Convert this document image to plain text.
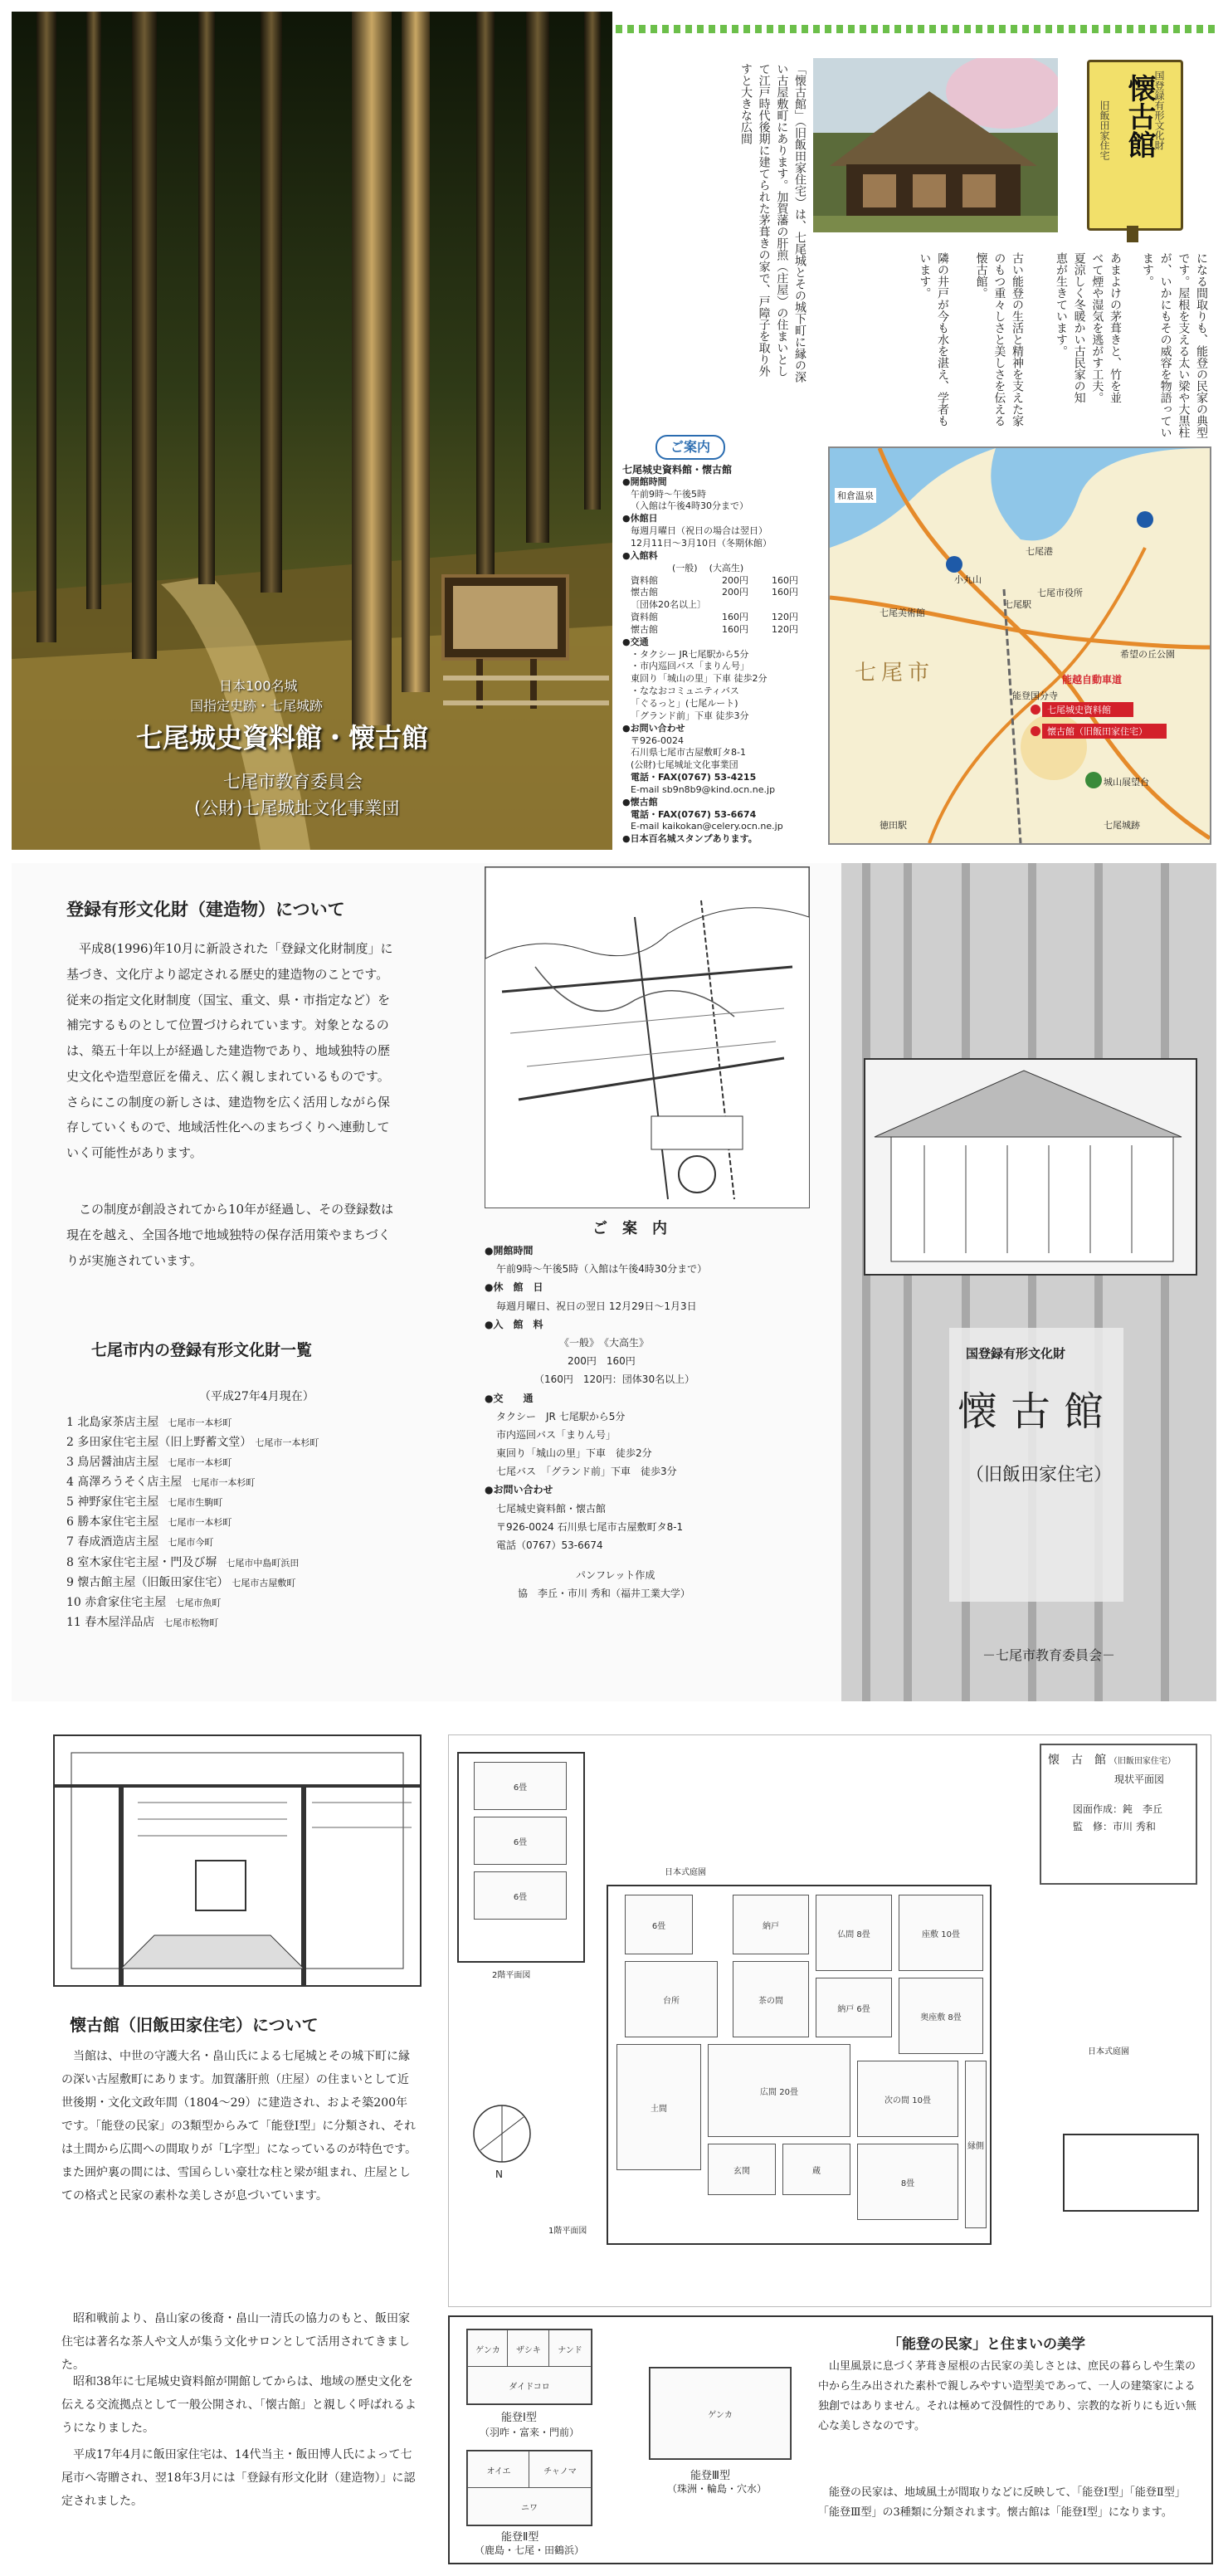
日本100名城
国指定史跡・七尾城跡
七尾城史資料館・懐古館
七尾市教育委員会
(公財)七尾城址文化事業団
国登録有形文化財
懐古館
旧飯田家住宅
「懐古館」（旧飯田家住宅）は、七尾城とその城下町に縁の深い古屋敷町にあります。加賀藩の肝煎（庄屋）の住まいとして江戸時代後期に建てられた茅葺きの家で、戸障子を取り外すと大きな広間
になる間取りも、能登の民家の典型です。屋根を支える太い梁や大黒柱が、いかにもその威容を物語っています。
あまよけの茅葺きと、竹を並べて煙や湿気を逃がす工夫。夏涼しく冬暖かい古民家の知恵が生きています。
古い能登の生活と精神を支えた家のもつ重々しさと美しさを伝える懐古館。
隣の井戸が今も水を湛え、学者もいます。
ご案内
七尾城史資料館・懐古館
●開館時間
午前9時～午後5時
（入館は午後4時30分まで）
●休館日
毎週月曜日（祝日の場合は翌日）
12月11日～3月10日（冬期休館）
●入館料
(一般) (大高生)
資料館	200円	160円
懐古館	200円	160円
〔団体20名以上〕
資料館	160円	120円
懐古館	160円	120円
●交通
・タクシー JR七尾駅から5分
・市内巡回バス「まりん号」
東回り「城山の里」下車 徒歩2分
・ななおコミュニティバス
「ぐるっと」(七尾ルート)
「グランド前」下車 徒歩3分
●お問い合わせ
〒926-0024
石川県七尾市古屋敷町タ8-1
(公財)七尾城址文化事業団
電話・FAX(0767) 53-4215
E-mail sb9n8b9@kind.ocn.ne.jp
●懐古館
電話・FAX(0767) 53-6674
E-mail kaikokan@celery.ocn.ne.jp
●日本百名城スタンプあります。
和倉温泉
七尾港
七尾駅
七尾市役所
七尾美術館
七尾城史資料館
懐古館（旧飯田家住宅）
城山展望台
七尾城跡
能越自動車道
七尾市
徳田駅
能登国分寺
小丸山
希望の丘公園
登録有形文化財（建造物）について
平成8(1996)年10月に新設された「登録文化財制度」に基づき、文化庁より認定される歴史的建造物のことです。従来の指定文化財制度（国宝、重文、県・市指定など）を補完するものとして位置づけられています。対象となるのは、築五十年以上が経過した建造物であり、地域独特の歴史文化や造型意匠を備え、広く親しまれているものです。さらにこの制度の新しさは、建造物を広く活用しながら保存していくもので、地域活性化へのまちづくりへ連動していく可能性があります。
この制度が創設されてから10年が経過し、その登録数は現在を越え、全国各地で地域独特の保存活用策やまちづくりが実施されています。
七尾市内の登録有形文化財一覧
（平成27年4月現在）
1 北島家茶店主屋　七尾市一本杉町
2 多田家住宅主屋（旧上野蓄文堂）　七尾市一本杉町
3 鳥居醤油店主屋　七尾市一本杉町
4 髙澤ろうそく店主屋　七尾市一本杉町
5 神野家住宅主屋　七尾市生駒町
6 勝本家住宅主屋　七尾市一本杉町
7 春成酒造店主屋　七尾市今町
8 室木家住宅主屋・門及び塀　七尾市中島町浜田
9 懐古館主屋（旧飯田家住宅）　七尾市古屋敷町
10 赤倉家住宅主屋　七尾市魚町
11 春木屋洋品店　七尾市松物町
ご　案　内
●開館時間
午前9時～午後5時（入館は午後4時30分まで）
●休　館　日
毎週月曜日、祝日の翌日 12月29日～1月3日
●入　館　料
《一般》　《大高生》
200円　160円
（160円　120円：団体30名以上）
●交　　通
タクシー　JR 七尾駅から5分
市内巡回バス「まりん号」
東回り「城山の里」下車　徒歩2分
七尾バス　「グランド前」下車　徒歩3分
●お問い合わせ
七尾城史資料館・懐古館
〒926-0024 石川県七尾市古屋敷町タ8-1
電話（0767）53-6674
パンフレット作成
協　李丘・市川 秀和（福井工業大学）
国登録有形文化財
懐古館
（旧飯田家住宅）
－七尾市教育委員会－
懐古館（旧飯田家住宅）について
当館は、中世の守護大名・畠山氏による七尾城とその城下町に縁の深い古屋敷町にあります。加賀藩肝煎（庄屋）の住まいとして近世後期・文化文政年間（1804～29）に建造され、およそ築200年です。「能登の民家」の3類型からみて「能登Ⅰ型」に分類され、それは土間から広間への間取りが「L字型」になっているのが特色です。また囲炉裏の間には、雪国らしい豪壮な柱と梁が組まれ、庄屋としての格式と民家の素朴な美しさが息づいています。
昭和戦前より、畠山家の後裔・畠山一清氏の協力のもと、飯田家住宅は著名な茶人や文人が集う文化サロンとして活用されてきました。
昭和38年に七尾城史資料館が開館してからは、地域の歴史文化を伝える交流拠点として一般公開され、「懐古館」と親しく呼ばれるようになりました。
平成17年4月に飯田家住宅は、14代当主・飯田博人氏によって七尾市へ寄贈され、翌18年3月には「登録有形文化財（建造物）」に認定されました。
懐　古　館 （旧飯田家住宅）
現状平面図
図面作成：鈍　李丘
監　修：市川 秀和
6畳
6畳
6畳
2階平面図
6畳
座敷 10畳
仏間 8畳
納戸
茶の間
広間 20畳
土間
玄関
台所
奥座敷 8畳
縁側
蔵
納戸 6畳
次の間 10畳
8畳
1階平面図
日本式庭園
日本式庭園
N
ゲンカ	ザシキ	ナンド
ダイドコロ
能登Ⅰ型
（羽咋・富来・門前）
オイエ	チャノマ
ニワ
能登Ⅱ型
（鹿島・七尾・田鶴浜）
ゲンカ
能登Ⅲ型
（珠洲・輪島・穴水）
「能登の民家」と住まいの美学
山里風景に息づく茅葺き屋根の古民家の美しさとは、庶民の暮らしや生業の中から生み出された素朴で親しみやすい造型美であって、一人の建築家による独創ではありません。それは極めて没個性的であり、宗教的な祈りにも近い無心な美しさなのです。
能登の民家は、地域風土が間取りなどに反映して、「能登Ⅰ型」「能登Ⅱ型」「能登Ⅲ型」の3種類に分類されます。懐古館は「能登Ⅰ型」になります。
